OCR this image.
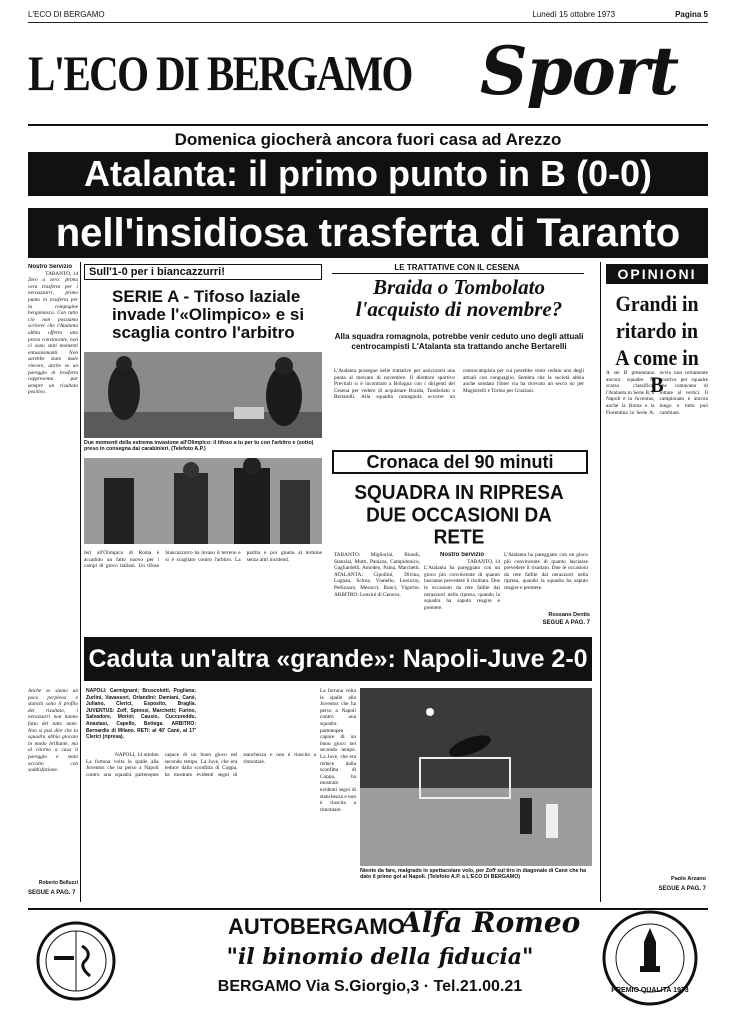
L'ECO DI BERGAMO	Lunedì 15 ottobre 1973	Pagina 5
L'ECO DI BERGAMO Sport
Domenica giocherà ancora fuori casa ad Arezzo
Atalanta: il primo punto in B (0-0)
nell'insidiosa trasferta di Taranto
Nostro Servizio
TARANTO, 14
Zero a zero: prima vera trasferta per i neroazzurri, primo punto in trasferta per la compagine bergamasca. Con tutto ciò non possiamo scrivere che l'Atalanta abbia offerto una prova convincente, non ci sono stati momenti entusiasmanti. Non sarebbe stato male vincere, anche se un pareggio in trasferta rappresenta pur sempre un risultato positivo.
Sull'1-0 per i biancazzurri!
SERIE A - Tifoso laziale invade l'«Olimpico» e si scaglia contro l'arbitro
Due momenti della estrema invasione all'Olimpico: il tifoso a tu per tu con l'arbitro e (sotto) preso in consegna dai carabinieri. (Telefoto A.P.)
Ieri all'Olimpico di Roma è accaduto un fatto nuovo per i campi di gioco italiani. Un tifoso biancazzurro ha invaso il terreno e si è scagliato contro l'arbitro. La partita è poi giunta al termine senza altri incidenti.
LE TRATTATIVE CON IL CESENA
Braida o Tombolato l'acquisto di novembre?
Alla squadra romagnola, potrebbe venir ceduto uno degli attuali centrocampisti L'Atalanta sta trattando anche Bertarelli
L'Atalanta prosegue nelle trattative per assicurarsi una punta al mercato di novembre. Il direttore sportivo Previtali si è incontrato a Bologna con i dirigenti del Cesena per vedere di acquistare Braida, Tombolato o Bertarelli. Alla squadra romagnola occorre un centrocampista per cui potrebbe venir ceduto uno degli attuali con conguaglio. Sembra che la società abbia anche sondato l'Inter via ha ricevuto un secco no per Magistrelli e Torino per Graziani.
Cronaca del 90 minuti
SQUADRA IN RIPRESA DUE OCCASIONI DA RETE
TARANTO: Migliorini, Biondi, Stanzial, Mutti, Panizza, Campidonico, Gagliardelli, Amodeo, Paina, Marchetti. ATALANTA: Cipollini, Divina, Lugnan, Scirea, Vianello, Leoncini, Pellizzaro, Mesucci, Bonci, Vigorito. ARBITRO: Lenzini di Genova.
Nostro Servizio
TARANTO, 14
L'Atalanta ha pareggiato con un gioco più convincente di quanto lasciasse prevedere il risultato. Due le occasioni da rete fallite dai nerazzurri nella ripresa, quando la squadra ha saputo reagire e premere.
L'Atalanta ha pareggiato con un gioco più convincente di quanto lasciasse prevedere il risultato. Due le occasioni da rete fallite dai nerazzurri nella ripresa, quando la squadra ha saputo reagire e premere.
SEGUE A PAG. 7
Rossano Dentis
OPINIONI
Grandi in ritardo in A come in B
A sei B presentano ancora squadre di scarsa classifica: l'Atalanta in Serie B, il Napoli e la Juventus, anche la Roma e la Fiorentina in Serie A: avvio non certamente positivo per squadre che contavano di lottare ai vertici. Il campionato è ancora lungo e tutto può cambiare.
Paolo Arzano
SEGUE A PAG. 7
Caduta un'altra «grande»: Napoli-Juve 2-0
NAPOLI: Carmignani; Bruscolotti, Pogliana; Zurlini, Vavassori, Orlandini; Damiani, Canè, Juliano, Clerici, Esposito, Braglia. JUVENTUS: Zoff, Spinosi, Marchetti; Furino, Salvadore, Morini; Causio, Cuccureddu, Anastasi, Capello, Bettega. ARBITRO: Bernardis di Milano. RETI: al 40' Canè, al 17' Clerici (ripresa).
NAPOLI, 14 ottobre
La fortuna volta le spalle alla Juventus che ha perso a Napoli contro una squadra partenopea capace di un buon gioco nel secondo tempo. La Juve, che era reduce dalla sconfitta di Coppa, ha mostrato evidenti segni di stanchezza e non è riuscita a rimontare.
La fortuna volta le spalle alla Juventus che ha perso a Napoli contro una squadra partenopea capace di un buon gioco nel secondo tempo. La Juve, che era reduce dalla sconfitta di Coppa, ha mostrato evidenti segni di stanchezza e non è riuscita a rimontare.
Niente da fare, malgrado lo spettacolare volo, per Zoff sul tiro in diagonale di Canè che ha dato il primo gol al Napoli. (Telefoto A.P. a L'ECO DI BERGAMO)
Anche se siamo un poco perplessi e stanchi sotto il profilo del risultato, i nerazzurri non hanno fatto del tutto male. Non si può dire che la squadra abbia giocato in modo brillante, ma al ritorno a casa il pareggio è stato accolto con soddisfazione.
Roberto Belluzzi
SEGUE A PAG. 7
AUTOBERGAMO
Alfa Romeo
"il binomio della fiducia"
BERGAMO Via S.Giorgio,3 · Tel.21.00.21	PREMIO QUALITA 1973
